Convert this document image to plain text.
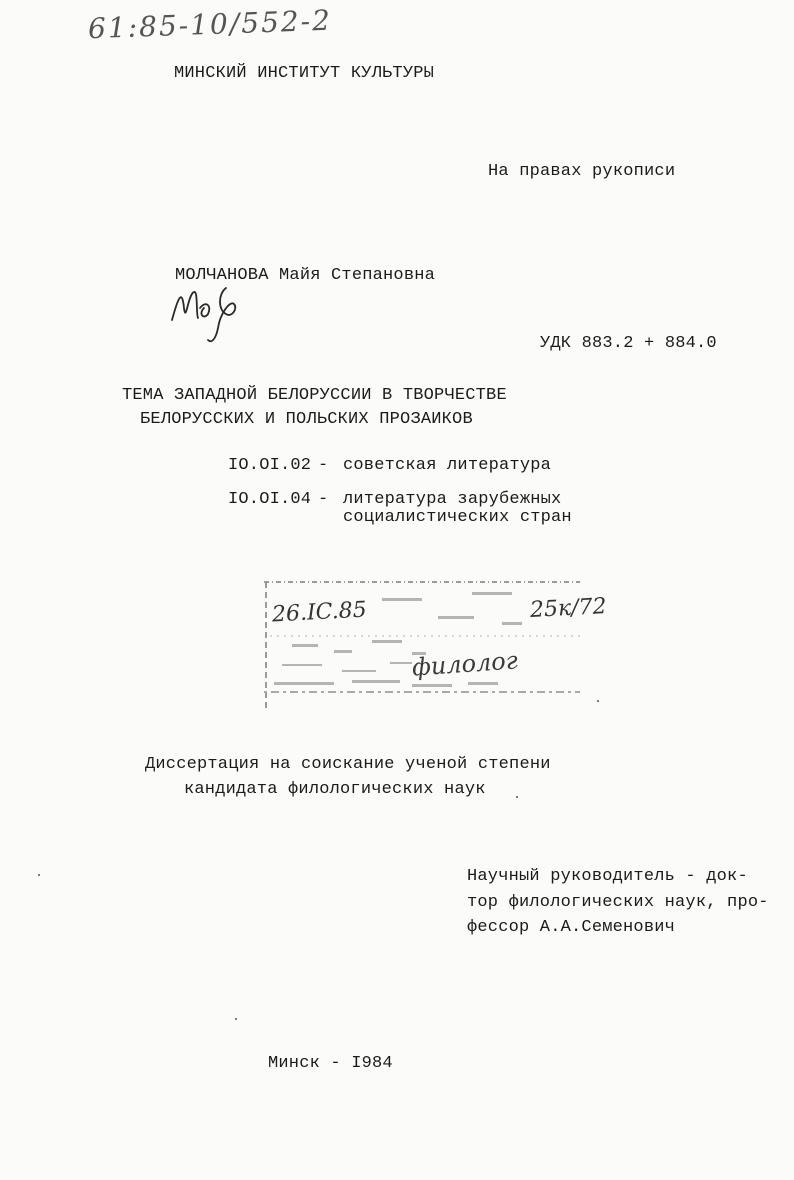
61:85-10/552-2
МИНСКИЙ ИНСТИТУТ КУЛЬТУРЫ
На правах рукописи
МОЛЧАНОВА Майя Степановна
УДК 883.2 + 884.0
ТЕМА ЗАПАДНОЙ БЕЛОРУССИИ В ТВОРЧЕСТВЕ
БЕЛОРУССКИХ И ПОЛЬСКИХ ПРОЗАИКОВ
IO.OI.02 - советская литература
IO.OI.04 - литература зарубежных
социалистических стран
26.IC.85	25к/72
филолог
Диссертация на соискание ученой степени
кандидата филологических наук
Научный руководитель - док-
тор филологических наук, про-
фессор А.А.Семенович
Минск - I984
